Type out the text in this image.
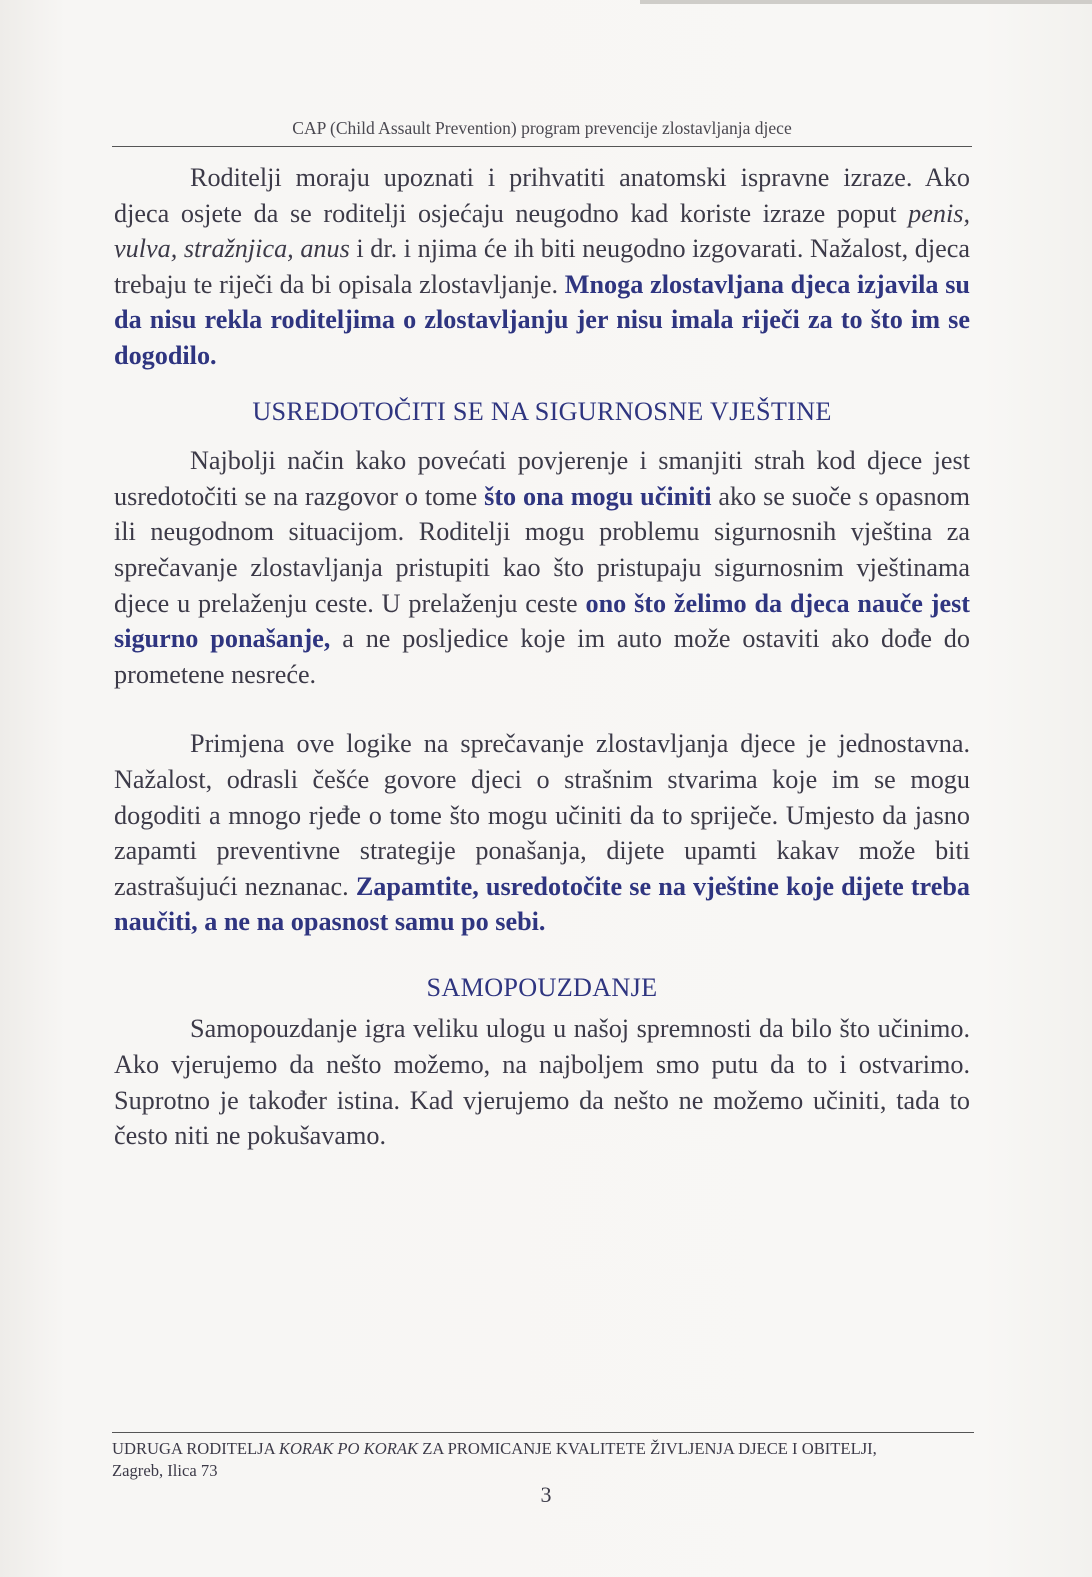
CAP (Child Assault Prevention) program prevencije zlostavljanja djece

Roditelji moraju upoznati i prihvatiti anatomski ispravne izraze. Ako djeca osjete da se roditelji osjećaju neugodno kad koriste izraze poput penis, vulva, stražnjica, anus i dr. i njima će ih biti neugodno izgovarati. Nažalost, djeca trebaju te riječi da bi opisala zlostavljanje. Mnoga zlostavljana djeca izjavila su da nisu rekla roditeljima o zlostavljanju jer nisu imala riječi za to što im se dogodilo.

USREDOTOČITI SE NA SIGURNOSNE VJEŠTINE

Najbolji način kako povećati povjerenje i smanjiti strah kod djece jest usredotočiti se na razgovor o tome što ona mogu učiniti ako se suoče s opasnom ili neugodnom situacijom. Roditelji mogu problemu sigurnosnih vještina za sprečavanje zlostavljanja pristupiti kao što pristupaju sigurnosnim vještinama djece u prelaženju ceste. U prelaženju ceste ono što želimo da djeca nauče jest sigurno ponašanje, a ne posljedice koje im auto može ostaviti ako dođe do prometene nesreće.

Primjena ove logike na sprečavanje zlostavljanja djece je jednostavna. Nažalost, odrasli češće govore djeci o strašnim stvarima koje im se mogu dogoditi a mnogo rjeđe o tome što mogu učiniti da to spriječe. Umjesto da jasno zapamti preventivne strategije ponašanja, dijete upamti kakav može biti zastrašujući neznanac. Zapamtite, usredotočite se na vještine koje dijete treba naučiti, a ne na opasnost samu po sebi.

SAMOPOUZDANJE

Samopouzdanje igra veliku ulogu u našoj spremnosti da bilo što učinimo. Ako vjerujemo da nešto možemo, na najboljem smo putu da to i ostvarimo. Suprotno je također istina. Kad vjerujemo da nešto ne možemo učiniti, tada to često niti ne pokušavamo.

UDRUGA RODITELJA KORAK PO KORAK ZA PROMICANJE KVALITETE ŽIVLJENJA DJECE I OBITELJI,
Zagreb, Ilica 73
3
